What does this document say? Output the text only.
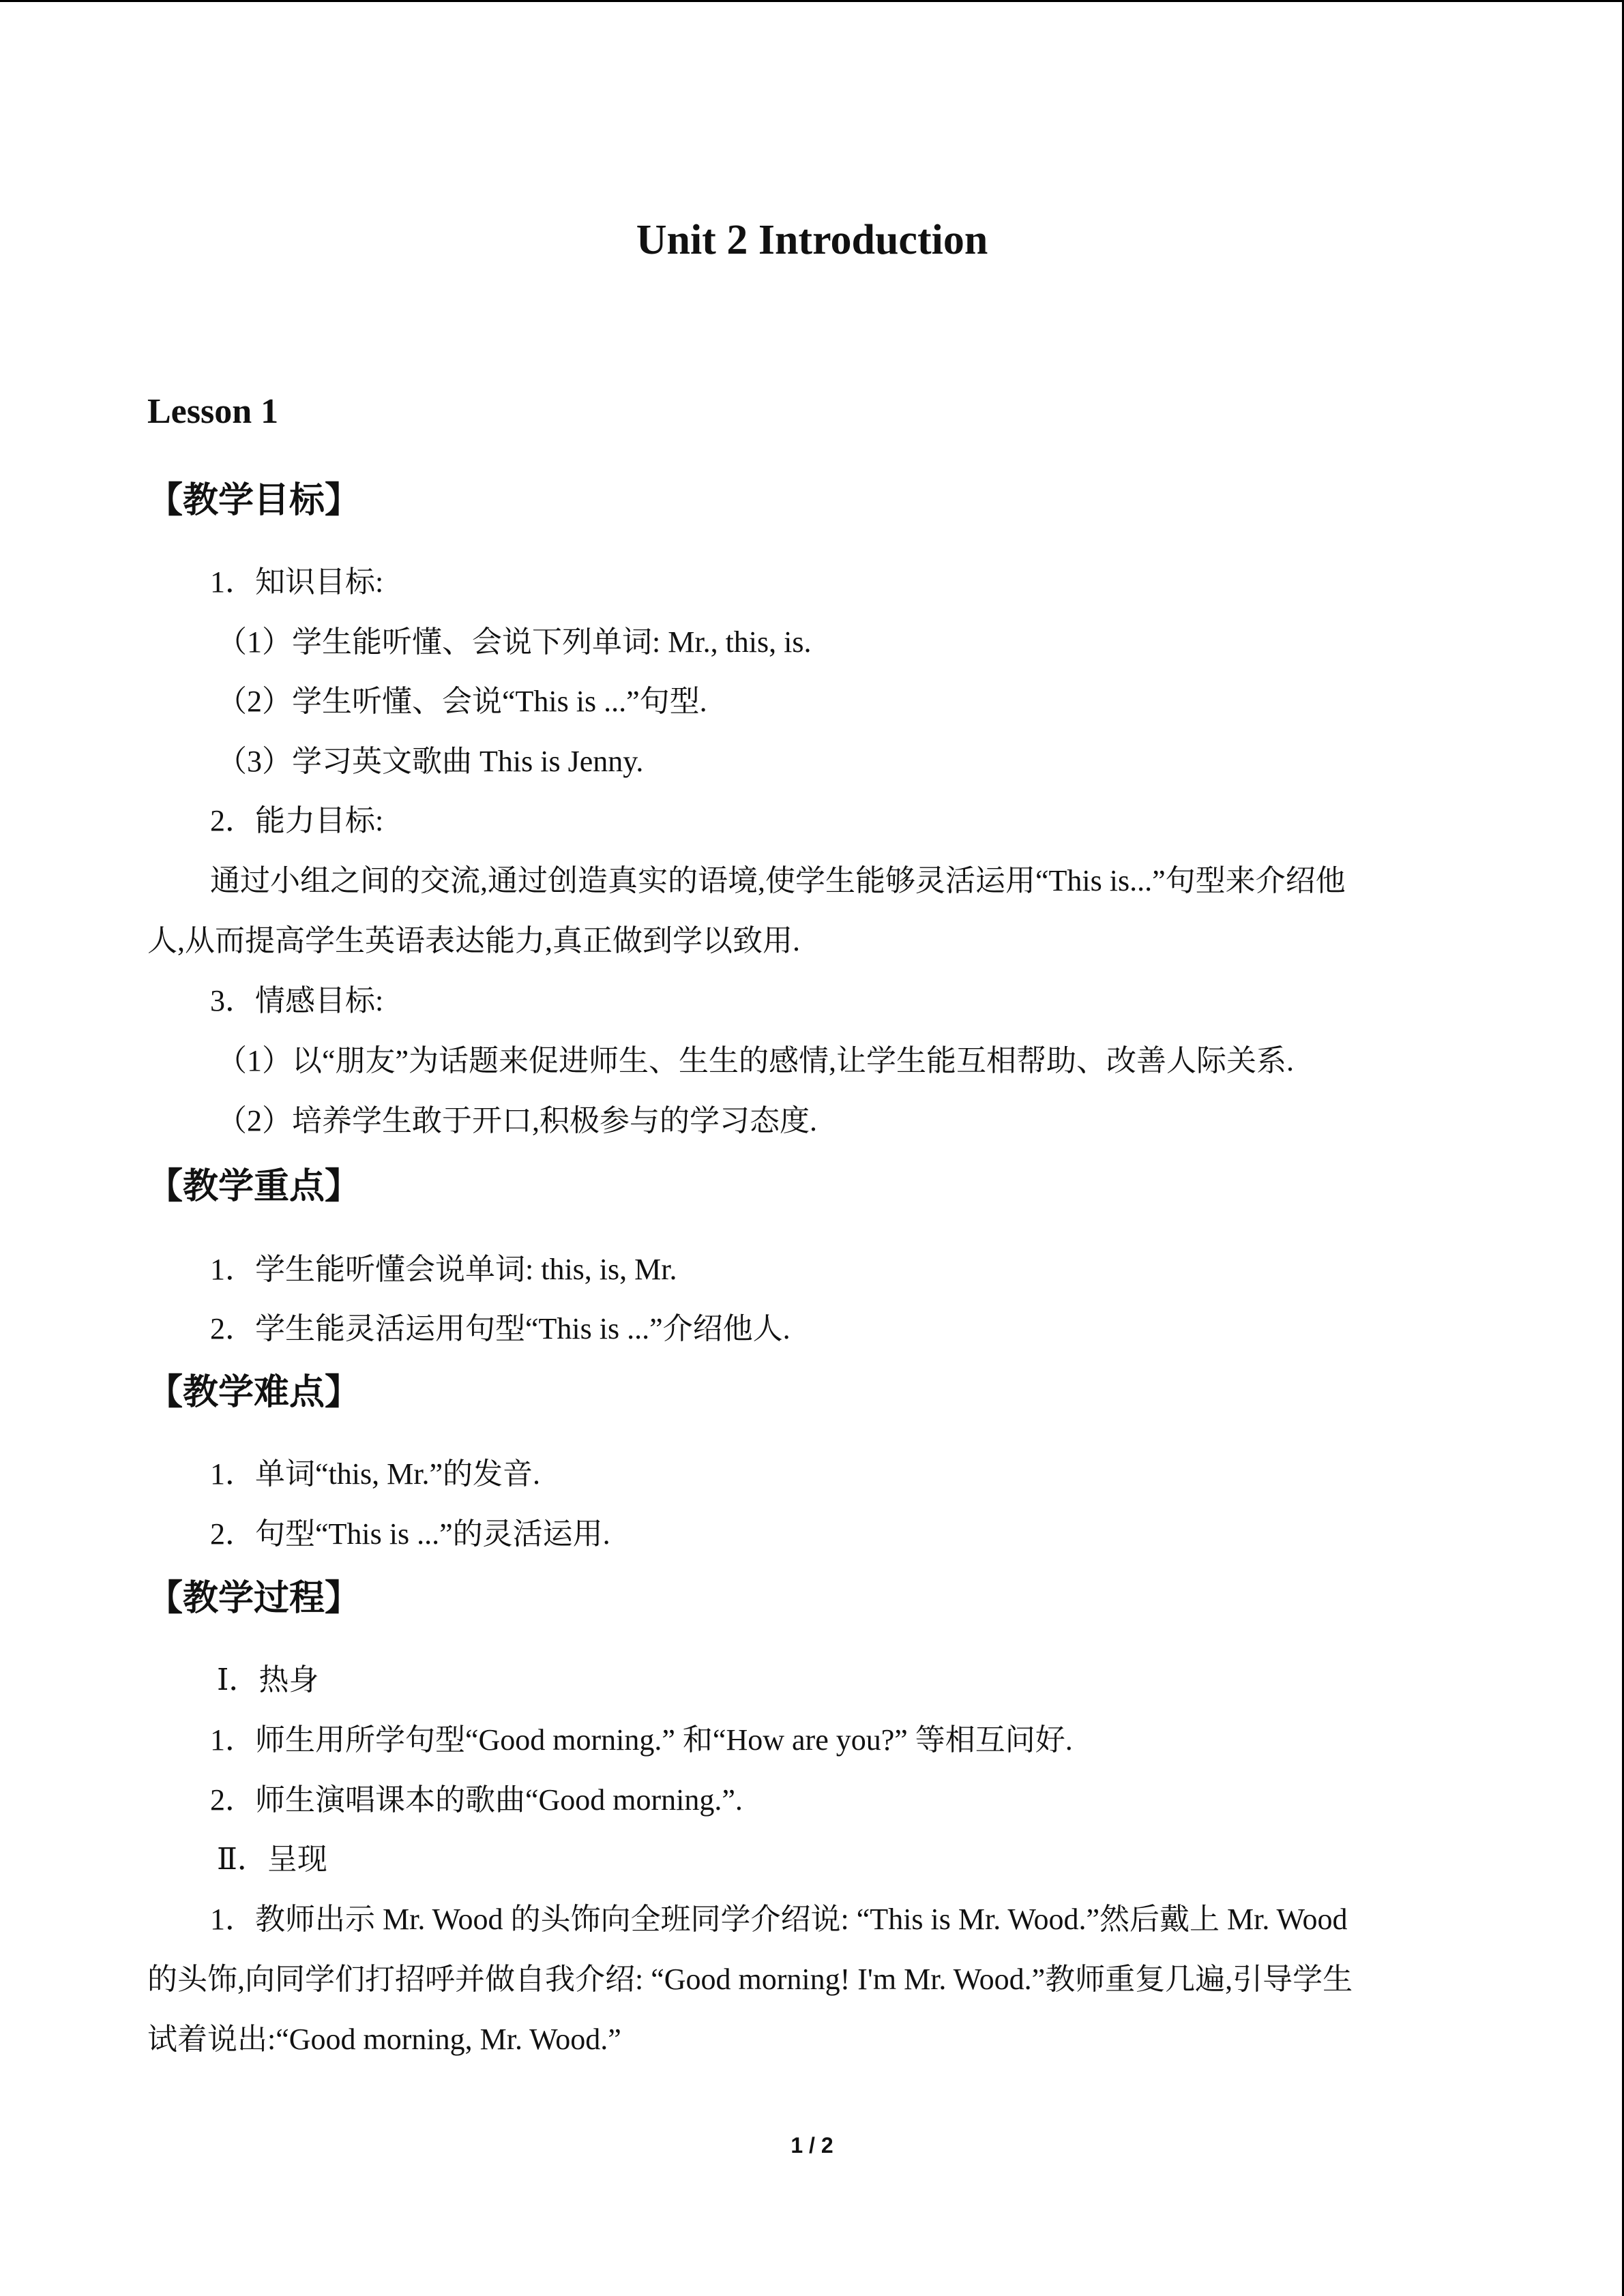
Unit 2 Introduction
Lesson 1
【教学目标】
1．知识目标:
（1）学生能听懂、会说下列单词: Mr., this, is.
（2）学生听懂、会说“This is ...”句型.
（3）学习英文歌曲 This is Jenny.
2．能力目标:
通过小组之间的交流,通过创造真实的语境,使学生能够灵活运用“This is...”句型来介绍他
人,从而提高学生英语表达能力,真正做到学以致用.
3．情感目标:
（1）以“朋友”为话题来促进师生、生生的感情,让学生能互相帮助、改善人际关系.
（2）培养学生敢于开口,积极参与的学习态度.
【教学重点】
1．学生能听懂会说单词: this, is, Mr.
2．学生能灵活运用句型“This is ...”介绍他人.
【教学难点】
1．单词“this, Mr.”的发音.
2．句型“This is ...”的灵活运用.
【教学过程】
Ⅰ．热身
1．师生用所学句型“Good morning.” 和“How are you?” 等相互问好.
2．师生演唱课本的歌曲“Good morning.”.
Ⅱ．呈现
1．教师出示 Mr. Wood 的头饰向全班同学介绍说: “This is Mr. Wood.”然后戴上 Mr. Wood
的头饰,向同学们打招呼并做自我介绍: “Good morning! I'm Mr. Wood.”教师重复几遍,引导学生
试着说出:“Good morning, Mr. Wood.”
1 / 2
